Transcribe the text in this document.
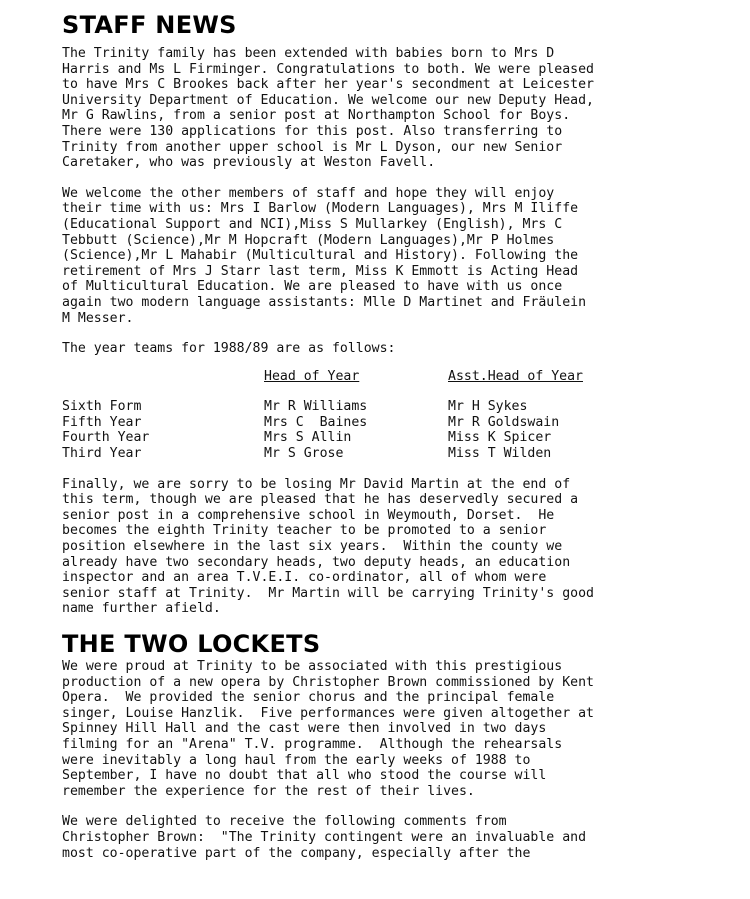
STAFF NEWS

The Trinity family has been extended with babies born to Mrs D
Harris and Ms L Firminger. Congratulations to both. We were pleased
to have Mrs C Brookes back after her year's secondment at Leicester
University Department of Education. We welcome our new Deputy Head,
Mr G Rawlins, from a senior post at Northampton School for Boys.
There were 130 applications for this post. Also transferring to
Trinity from another upper school is Mr L Dyson, our new Senior
Caretaker, who was previously at Weston Favell.

We welcome the other members of staff and hope they will enjoy
their time with us: Mrs I Barlow (Modern Languages), Mrs M Iliffe
(Educational Support and NCI),Miss S Mullarkey (English), Mrs C
Tebbutt (Science),Mr M Hopcraft (Modern Languages),Mr P Holmes
(Science),Mr L Mahabir (Multicultural and History). Following the
retirement of Mrs J Starr last term, Miss K Emmott is Acting Head
of Multicultural Education. We are pleased to have with us once
again two modern language assistants: Mlle D Martinet and Fräulein
M Messer.

The year teams for 1988/89 are as follows:

	Head of Year	Asst.Head of Year
Sixth Form	Mr R Williams	Mr H Sykes
Fifth Year	Mrs C  Baines	Mr R Goldswain
Fourth Year	Mrs S Allin	Miss K Spicer
Third Year	Mr S Grose	Miss T Wilden

Finally, we are sorry to be losing Mr David Martin at the end of
this term, though we are pleased that he has deservedly secured a
senior post in a comprehensive school in Weymouth, Dorset.  He
becomes the eighth Trinity teacher to be promoted to a senior
position elsewhere in the last six years.  Within the county we
already have two secondary heads, two deputy heads, an education
inspector and an area T.V.E.I. co-ordinator, all of whom were
senior staff at Trinity.  Mr Martin will be carrying Trinity's good
name further afield.

THE TWO LOCKETS

We were proud at Trinity to be associated with this prestigious
production of a new opera by Christopher Brown commissioned by Kent
Opera.  We provided the senior chorus and the principal female
singer, Louise Hanzlik.  Five performances were given altogether at
Spinney Hill Hall and the cast were then involved in two days
filming for an "Arena" T.V. programme.  Although the rehearsals
were inevitably a long haul from the early weeks of 1988 to
September, I have no doubt that all who stood the course will
remember the experience for the rest of their lives.

We were delighted to receive the following comments from
Christopher Brown:  "The Trinity contingent were an invaluable and
most co-operative part of the company, especially after the
